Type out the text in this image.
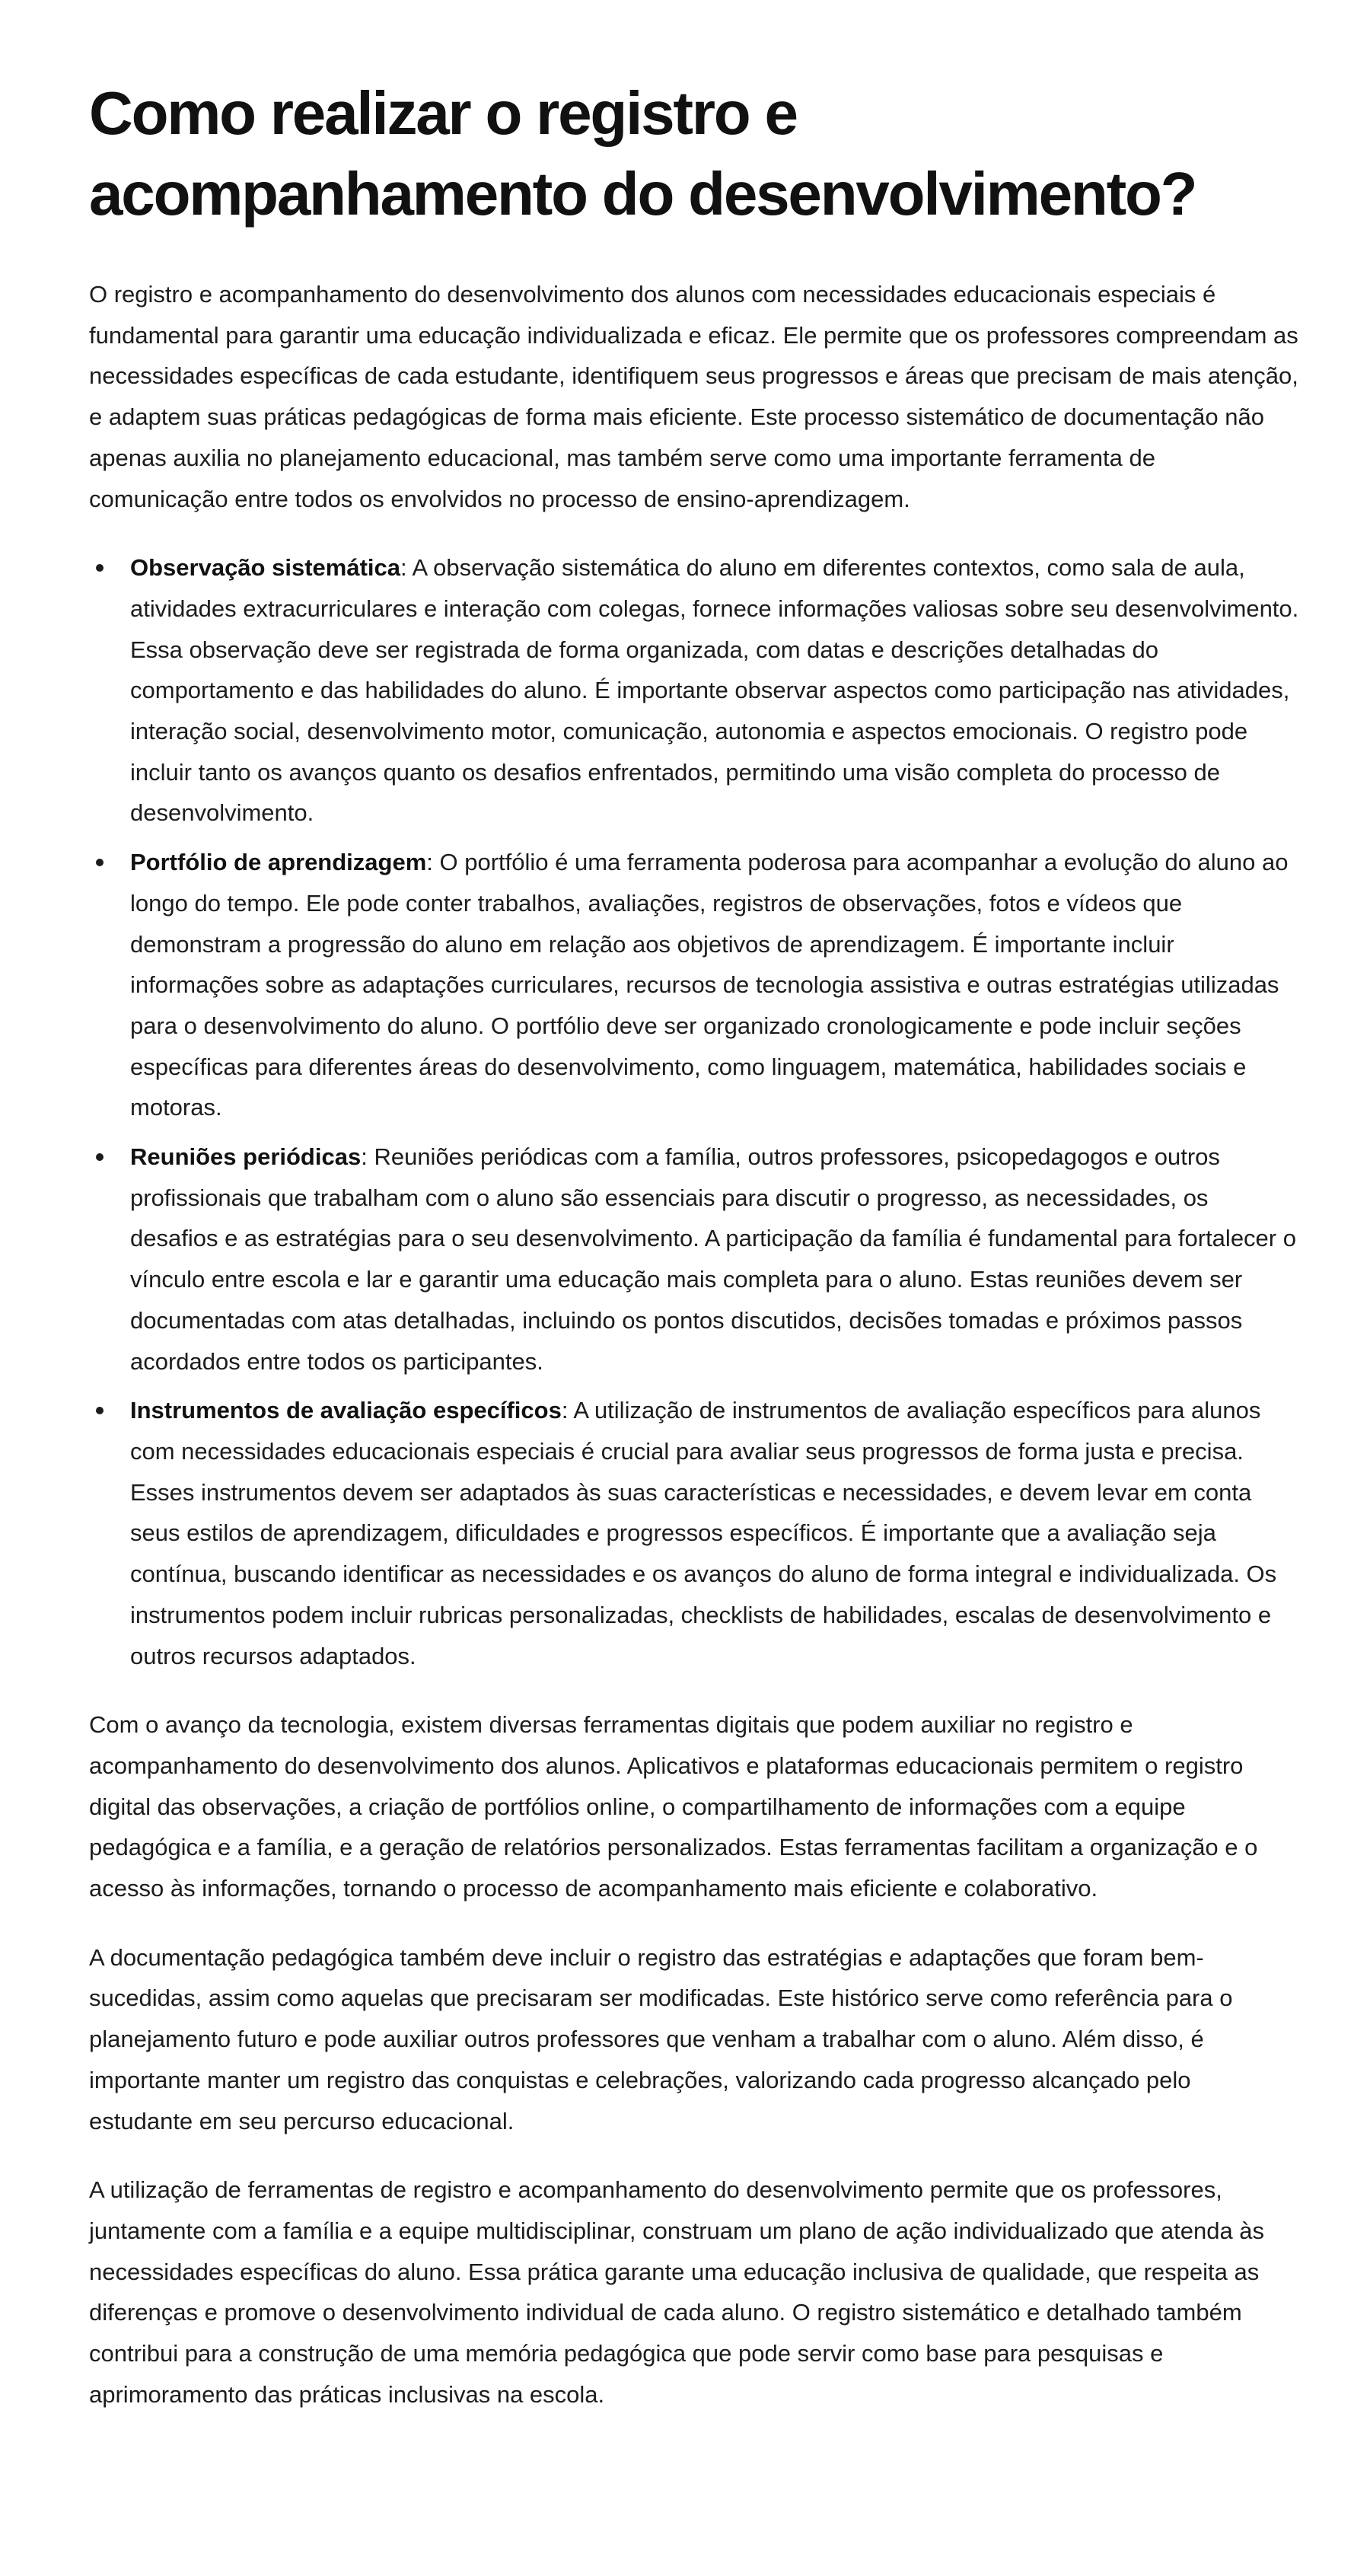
Como realizar o registro e acompanhamento do desenvolvimento?

O registro e acompanhamento do desenvolvimento dos alunos com necessidades educacionais especiais é fundamental para garantir uma educação individualizada e eficaz. Ele permite que os professores compreendam as necessidades específicas de cada estudante, identifiquem seus progressos e áreas que precisam de mais atenção, e adaptem suas práticas pedagógicas de forma mais eficiente. Este processo sistemático de documentação não apenas auxilia no planejamento educacional, mas também serve como uma importante ferramenta de comunicação entre todos os envolvidos no processo de ensino-aprendizagem.

Observação sistemática: A observação sistemática do aluno em diferentes contextos, como sala de aula, atividades extracurriculares e interação com colegas, fornece informações valiosas sobre seu desenvolvimento. Essa observação deve ser registrada de forma organizada, com datas e descrições detalhadas do comportamento e das habilidades do aluno. É importante observar aspectos como participação nas atividades, interação social, desenvolvimento motor, comunicação, autonomia e aspectos emocionais. O registro pode incluir tanto os avanços quanto os desafios enfrentados, permitindo uma visão completa do processo de desenvolvimento.
Portfólio de aprendizagem: O portfólio é uma ferramenta poderosa para acompanhar a evolução do aluno ao longo do tempo. Ele pode conter trabalhos, avaliações, registros de observações, fotos e vídeos que demonstram a progressão do aluno em relação aos objetivos de aprendizagem. É importante incluir informações sobre as adaptações curriculares, recursos de tecnologia assistiva e outras estratégias utilizadas para o desenvolvimento do aluno. O portfólio deve ser organizado cronologicamente e pode incluir seções específicas para diferentes áreas do desenvolvimento, como linguagem, matemática, habilidades sociais e motoras.
Reuniões periódicas: Reuniões periódicas com a família, outros professores, psicopedagogos e outros profissionais que trabalham com o aluno são essenciais para discutir o progresso, as necessidades, os desafios e as estratégias para o seu desenvolvimento. A participação da família é fundamental para fortalecer o vínculo entre escola e lar e garantir uma educação mais completa para o aluno. Estas reuniões devem ser documentadas com atas detalhadas, incluindo os pontos discutidos, decisões tomadas e próximos passos acordados entre todos os participantes.
Instrumentos de avaliação específicos: A utilização de instrumentos de avaliação específicos para alunos com necessidades educacionais especiais é crucial para avaliar seus progressos de forma justa e precisa. Esses instrumentos devem ser adaptados às suas características e necessidades, e devem levar em conta seus estilos de aprendizagem, dificuldades e progressos específicos. É importante que a avaliação seja contínua, buscando identificar as necessidades e os avanços do aluno de forma integral e individualizada. Os instrumentos podem incluir rubricas personalizadas, checklists de habilidades, escalas de desenvolvimento e outros recursos adaptados.

Com o avanço da tecnologia, existem diversas ferramentas digitais que podem auxiliar no registro e acompanhamento do desenvolvimento dos alunos. Aplicativos e plataformas educacionais permitem o registro digital das observações, a criação de portfólios online, o compartilhamento de informações com a equipe pedagógica e a família, e a geração de relatórios personalizados. Estas ferramentas facilitam a organização e o acesso às informações, tornando o processo de acompanhamento mais eficiente e colaborativo.

A documentação pedagógica também deve incluir o registro das estratégias e adaptações que foram bem-sucedidas, assim como aquelas que precisaram ser modificadas. Este histórico serve como referência para o planejamento futuro e pode auxiliar outros professores que venham a trabalhar com o aluno. Além disso, é importante manter um registro das conquistas e celebrações, valorizando cada progresso alcançado pelo estudante em seu percurso educacional.

A utilização de ferramentas de registro e acompanhamento do desenvolvimento permite que os professores, juntamente com a família e a equipe multidisciplinar, construam um plano de ação individualizado que atenda às necessidades específicas do aluno. Essa prática garante uma educação inclusiva de qualidade, que respeita as diferenças e promove o desenvolvimento individual de cada aluno. O registro sistemático e detalhado também contribui para a construção de uma memória pedagógica que pode servir como base para pesquisas e aprimoramento das práticas inclusivas na escola.
